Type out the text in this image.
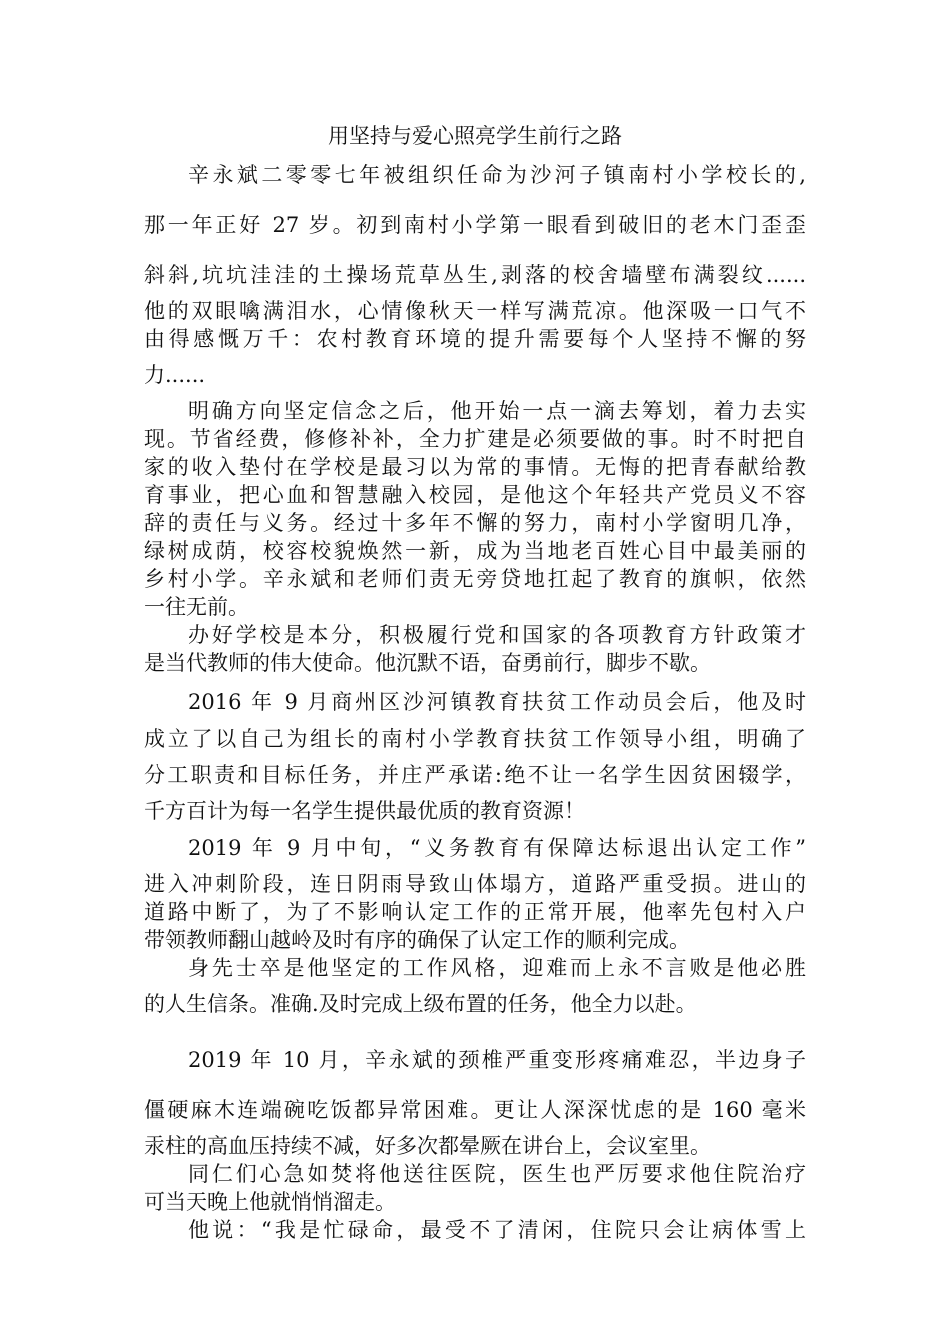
用坚持与爱心照亮学生前行之路
辛永斌二零零七年被组织任命为沙河子镇南村小学校长的,
那一年正好 27 岁。初到南村小学第一眼看到破旧的老木门歪歪
斜斜,坑坑洼洼的土操场荒草丛生,剥落的校舍墙壁布满裂纹......
他的双眼噙满泪水，心情像秋天一样写满荒凉。他深吸一口气不
由得感慨万千：农村教育环境的提升需要每个人坚持不懈的努
力......
明确方向坚定信念之后，他开始一点一滴去筹划，着力去实
现。节省经费，修修补补，全力扩建是必须要做的事。时不时把自
家的收入垫付在学校是最习以为常的事情。无悔的把青春献给教
育事业，把心血和智慧融入校园，是他这个年轻共产党员义不容
辞的责任与义务。经过十多年不懈的努力，南村小学窗明几净，
绿树成荫，校容校貌焕然一新，成为当地老百姓心目中最美丽的
乡村小学。辛永斌和老师们责无旁贷地扛起了教育的旗帜，依然
一往无前。
办好学校是本分，积极履行党和国家的各项教育方针政策才
是当代教师的伟大使命。他沉默不语，奋勇前行，脚步不歇。
2016 年 9 月商州区沙河镇教育扶贫工作动员会后，他及时
成立了以自己为组长的南村小学教育扶贫工作领导小组，明确了
分工职责和目标任务，并庄严承诺:绝不让一名学生因贫困辍学，
千方百计为每一名学生提供最优质的教育资源！
2019 年 9 月中旬，“义务教育有保障达标退出认定工作”
进入冲刺阶段，连日阴雨导致山体塌方，道路严重受损。进山的
道路中断了，为了不影响认定工作的正常开展，他率先包村入户
带领教师翻山越岭及时有序的确保了认定工作的顺利完成。
身先士卒是他坚定的工作风格，迎难而上永不言败是他必胜
的人生信条。准确.及时完成上级布置的任务，他全力以赴。
2019 年 10 月，辛永斌的颈椎严重变形疼痛难忍，半边身子
僵硬麻木连端碗吃饭都异常困难。更让人深深忧虑的是 160 毫米
汞柱的高血压持续不减，好多次都晕厥在讲台上，会议室里。
同仁们心急如焚将他送往医院，医生也严厉要求他住院治疗
可当天晚上他就悄悄溜走。
他说：“我是忙碌命，最受不了清闲，住院只会让病体雪上
